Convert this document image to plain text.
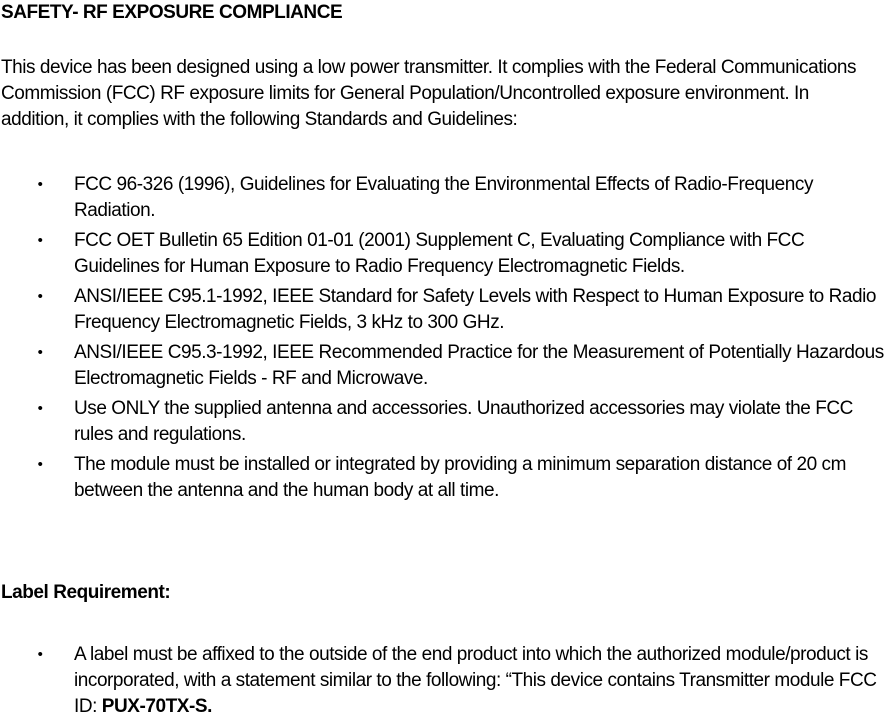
SAFETY- RF EXPOSURE COMPLIANCE

This device has been designed using a low power transmitter. It complies with the Federal Communications Commission (FCC) RF exposure limits for General Population/Uncontrolled exposure environment. In addition, it complies with the following Standards and Guidelines:

• FCC 96-326 (1996), Guidelines for Evaluating the Environmental Effects of Radio-Frequency Radiation.
• FCC OET Bulletin 65 Edition 01-01 (2001) Supplement C, Evaluating Compliance with FCC Guidelines for Human Exposure to Radio Frequency Electromagnetic Fields.
• ANSI/IEEE C95.1-1992, IEEE Standard for Safety Levels with Respect to Human Exposure to Radio Frequency Electromagnetic Fields, 3 kHz to 300 GHz.
• ANSI/IEEE C95.3-1992, IEEE Recommended Practice for the Measurement of Potentially Hazardous Electromagnetic Fields - RF and Microwave.
• Use ONLY the supplied antenna and accessories. Unauthorized accessories may violate the FCC rules and regulations.
• The module must be installed or integrated by providing a minimum separation distance of 20 cm between the antenna and the human body at all time.

Label Requirement:

• A label must be affixed to the outside of the end product into which the authorized module/product is incorporated, with a statement similar to the following: “This device contains Transmitter module FCC ID: PUX-70TX-S.
